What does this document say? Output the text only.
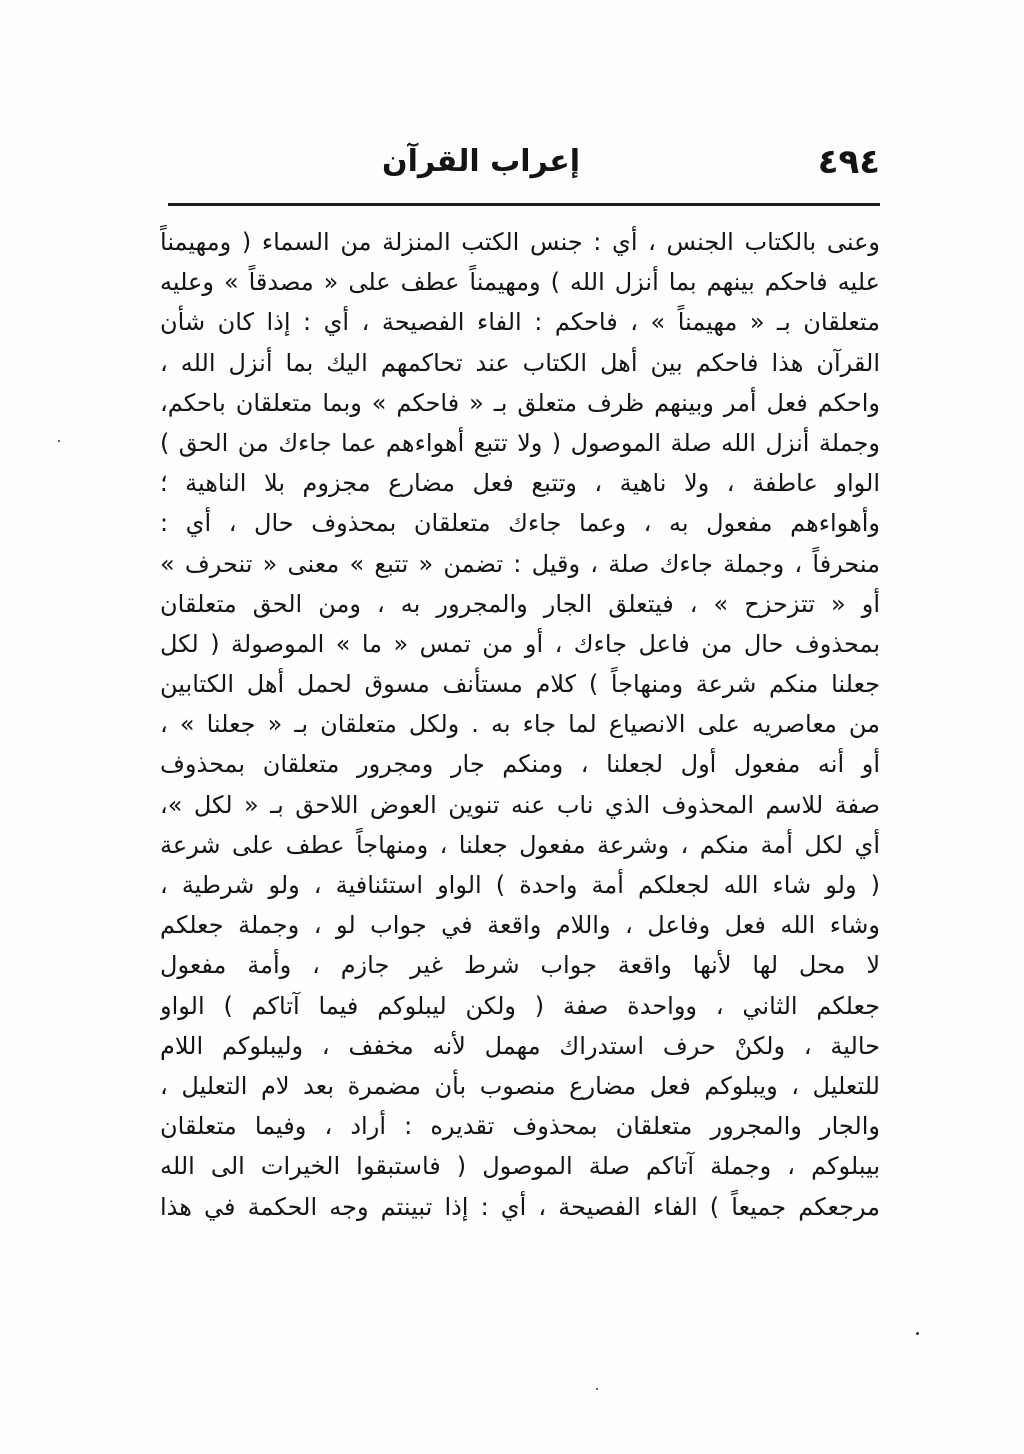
٤٩٤
إعراب القرآن
وعنى بالكتاب الجنس ، أي : جنس الكتب المنزلة من السماء ( ومهيمناً
عليه فاحكم بينهم بما أنزل الله ) ومهيمناً عطف على « مصدقاً » وعليه
متعلقان بـ « مهيمناً » ، فاحكم : الفاء الفصيحة ، أي : إذا كان شأن
القرآن هذا فاحكم بين أهل الكتاب عند تحاكمهم اليك بما أنزل الله ،
واحكم فعل أمر وبينهم ظرف متعلق بـ « فاحكم » وبما متعلقان باحكم،
وجملة أنزل الله صلة الموصول ( ولا تتبع أهواءهم عما جاءك من الحق )
الواو عاطفة ، ولا ناهية ، وتتبع فعل مضارع مجزوم بلا الناهية ؛
وأهواءهم مفعول به ، وعما جاءك متعلقان بمحذوف حال ، أي :
منحرفاً ، وجملة جاءك صلة ، وقيل : تضمن « تتبع » معنى « تنحرف »
أو « تتزحزح » ، فيتعلق الجار والمجرور به ، ومن الحق متعلقان
بمحذوف حال من فاعل جاءك ، أو من تمس « ما » الموصولة ( لكل
جعلنا منكم شرعة ومنهاجاً ) كلام مستأنف مسوق لحمل أهل الكتابين
من معاصريه على الانصياع لما جاء به . ولكل متعلقان بـ « جعلنا » ،
أو أنه مفعول أول لجعلنا ، ومنكم جار ومجرور متعلقان بمحذوف
صفة للاسم المحذوف الذي ناب عنه تنوين العوض اللاحق بـ « لكل »،
أي لكل أمة منكم ، وشرعة مفعول جعلنا ، ومنهاجاً عطف على شرعة
( ولو شاء الله لجعلكم أمة واحدة ) الواو استئنافية ، ولو شرطية ،
وشاء الله فعل وفاعل ، واللام واقعة في جواب لو ، وجملة جعلكم
لا محل لها لأنها واقعة جواب شرط غير جازم ، وأمة مفعول
جعلكم الثاني ، وواحدة صفة ( ولكن ليبلوكم فيما آتاكم ) الواو
حالية ، ولكنْ حرف استدراك مهمل لأنه مخفف ، وليبلوكم اللام
للتعليل ، ويبلوكم فعل مضارع منصوب بأن مضمرة بعد لام التعليل ،
والجار والمجرور متعلقان بمحذوف تقديره : أراد ، وفيما متعلقان
بيبلوكم ، وجملة آتاكم صلة الموصول ( فاستبقوا الخيرات الى الله
مرجعكم جميعاً ) الفاء الفصيحة ، أي : إذا تبينتم وجه الحكمة في هذا
